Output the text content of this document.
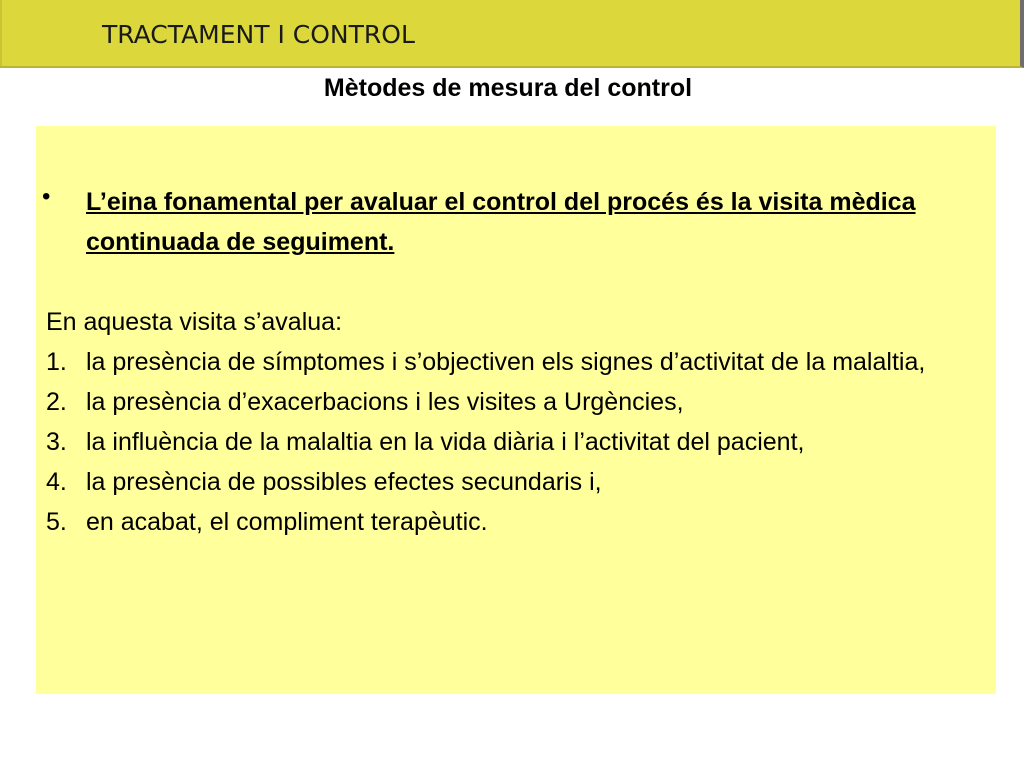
TRACTAMENT I CONTROL
Mètodes de mesura del control
• L’eina fonamental per avaluar el control del procés és la visita mèdica continuada de seguiment.
En aquesta visita s’avalua:
1. la presència de símptomes i s’objectiven els signes d’activitat de la malaltia,
2. la presència d’exacerbacions i les visites a Urgències,
3. la influència de la malaltia en la vida diària i l’activitat del pacient,
4. la presència de possibles efectes secundaris i,
5. en acabat, el compliment terapèutic.
